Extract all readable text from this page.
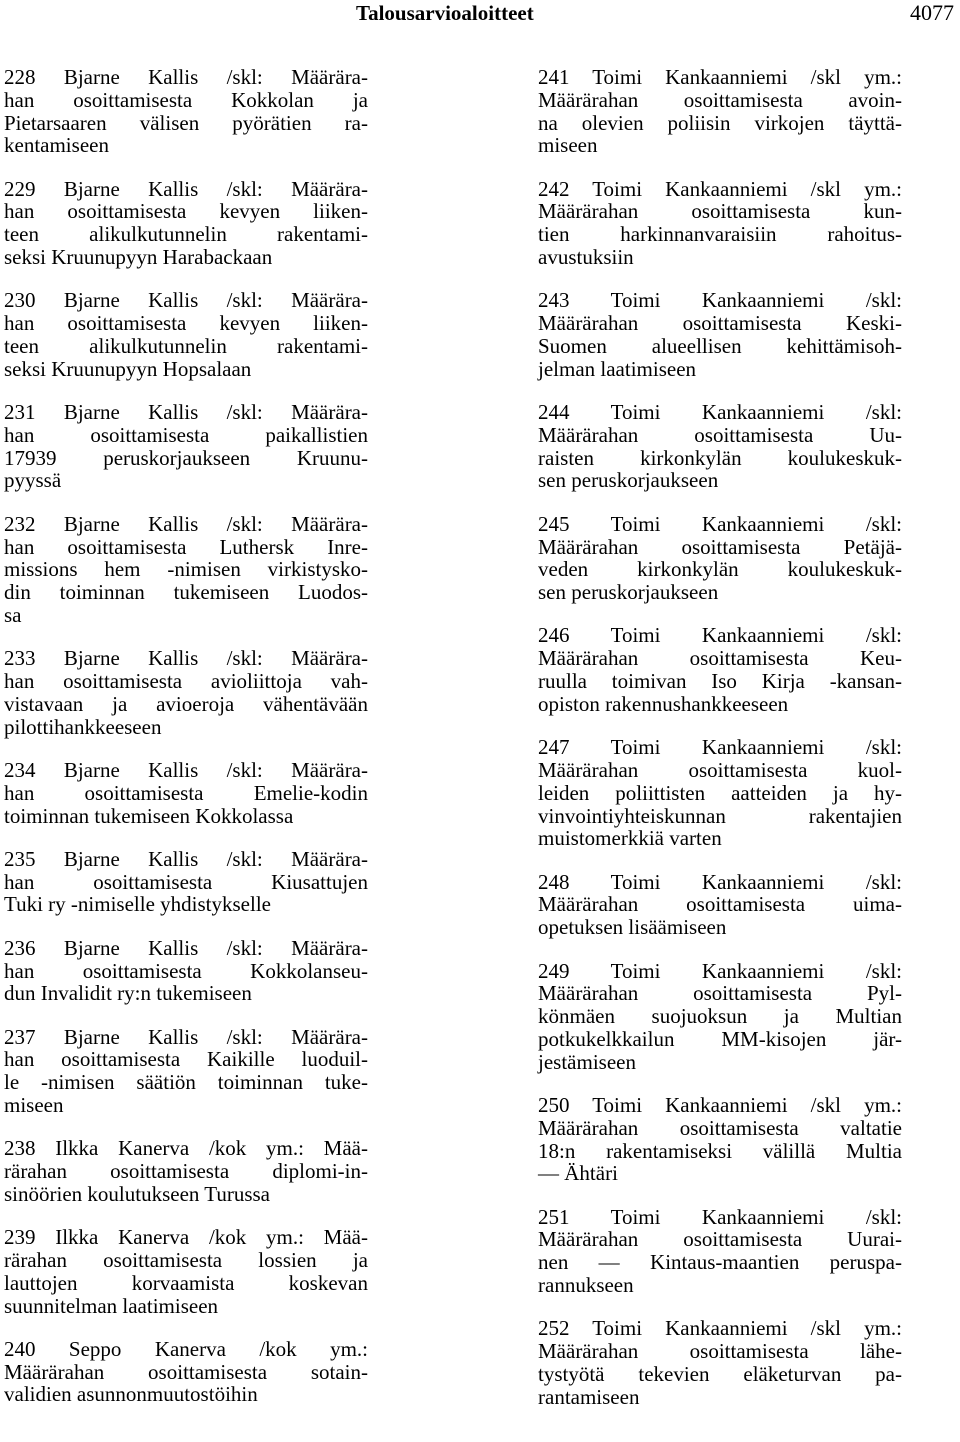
Talousarvioaloitteet	4077
228 Bjarne Kallis /skl: Määrära-
han osoittamisesta Kokkolan ja
Pietarsaaren välisen pyörätien ra-
kentamiseen
229 Bjarne Kallis /skl: Määrära-
han osoittamisesta kevyen liiken-
teen alikulkutunnelin rakentami-
seksi Kruunupyyn Harabackaan
230 Bjarne Kallis /skl: Määrära-
han osoittamisesta kevyen liiken-
teen alikulkutunnelin rakentami-
seksi Kruunupyyn Hopsalaan
231 Bjarne Kallis /skl: Määrära-
han osoittamisesta paikallistien
17939 peruskorjaukseen Kruunu-
pyyssä
232 Bjarne Kallis /skl: Määrära-
han osoittamisesta Luthersk Inre-
missions hem -nimisen virkistysko-
din toiminnan tukemiseen Luodos-
sa
233 Bjarne Kallis /skl: Määrära-
han osoittamisesta avioliittoja vah-
vistavaan ja avioeroja vähentävään
pilottihankkeeseen
234 Bjarne Kallis /skl: Määrära-
han osoittamisesta Emelie-kodin
toiminnan tukemiseen Kokkolassa
235 Bjarne Kallis /skl: Määrära-
han osoittamisesta Kiusattujen
Tuki ry -nimiselle yhdistykselle
236 Bjarne Kallis /skl: Määrära-
han osoittamisesta Kokkolanseu-
dun Invalidit ry:n tukemiseen
237 Bjarne Kallis /skl: Määrära-
han osoittamisesta Kaikille luoduil-
le -nimisen säätiön toiminnan tuke-
miseen
238 Ilkka Kanerva /kok ym.: Mää-
rärahan osoittamisesta diplomi-in-
sinöörien koulutukseen Turussa
239 Ilkka Kanerva /kok ym.: Mää-
rärahan osoittamisesta lossien ja
lauttojen korvaamista koskevan
suunnitelman laatimiseen
240 Seppo Kanerva /kok ym.:
Määrärahan osoittamisesta sotain-
validien asunnonmuutostöihin
241 Toimi Kankaanniemi /skl ym.:
Määrärahan osoittamisesta avoin-
na olevien poliisin virkojen täyttä-
miseen
242 Toimi Kankaanniemi /skl ym.:
Määrärahan osoittamisesta kun-
tien harkinnanvaraisiin rahoitus-
avustuksiin
243 Toimi Kankaanniemi /skl:
Määrärahan osoittamisesta Keski-
Suomen alueellisen kehittämisoh-
jelman laatimiseen
244 Toimi Kankaanniemi /skl:
Määrärahan osoittamisesta Uu-
raisten kirkonkylän koulukeskuk-
sen peruskorjaukseen
245 Toimi Kankaanniemi /skl:
Määrärahan osoittamisesta Petäjä-
veden kirkonkylän koulukeskuk-
sen peruskorjaukseen
246 Toimi Kankaanniemi /skl:
Määrärahan osoittamisesta Keu-
ruulla toimivan Iso Kirja -kansan-
opiston rakennushankkeeseen
247 Toimi Kankaanniemi /skl:
Määrärahan osoittamisesta kuol-
leiden poliittisten aatteiden ja hy-
vinvointiyhteiskunnan rakentajien
muistomerkkiä varten
248 Toimi Kankaanniemi /skl:
Määrärahan osoittamisesta uima-
opetuksen lisäämiseen
249 Toimi Kankaanniemi /skl:
Määrärahan osoittamisesta Pyl-
könmäen suojuoksun ja Multian
potkukelkkailun MM-kisojen jär-
jestämiseen
250 Toimi Kankaanniemi /skl ym.:
Määrärahan osoittamisesta valtatie
18:n rakentamiseksi välillä Multia
— Ähtäri
251 Toimi Kankaanniemi /skl:
Määrärahan osoittamisesta Uurai-
nen — Kintaus-maantien peruspa-
rannukseen
252 Toimi Kankaanniemi /skl ym.:
Määrärahan osoittamisesta lähe-
tystyötä tekevien eläketurvan pa-
rantamiseen
